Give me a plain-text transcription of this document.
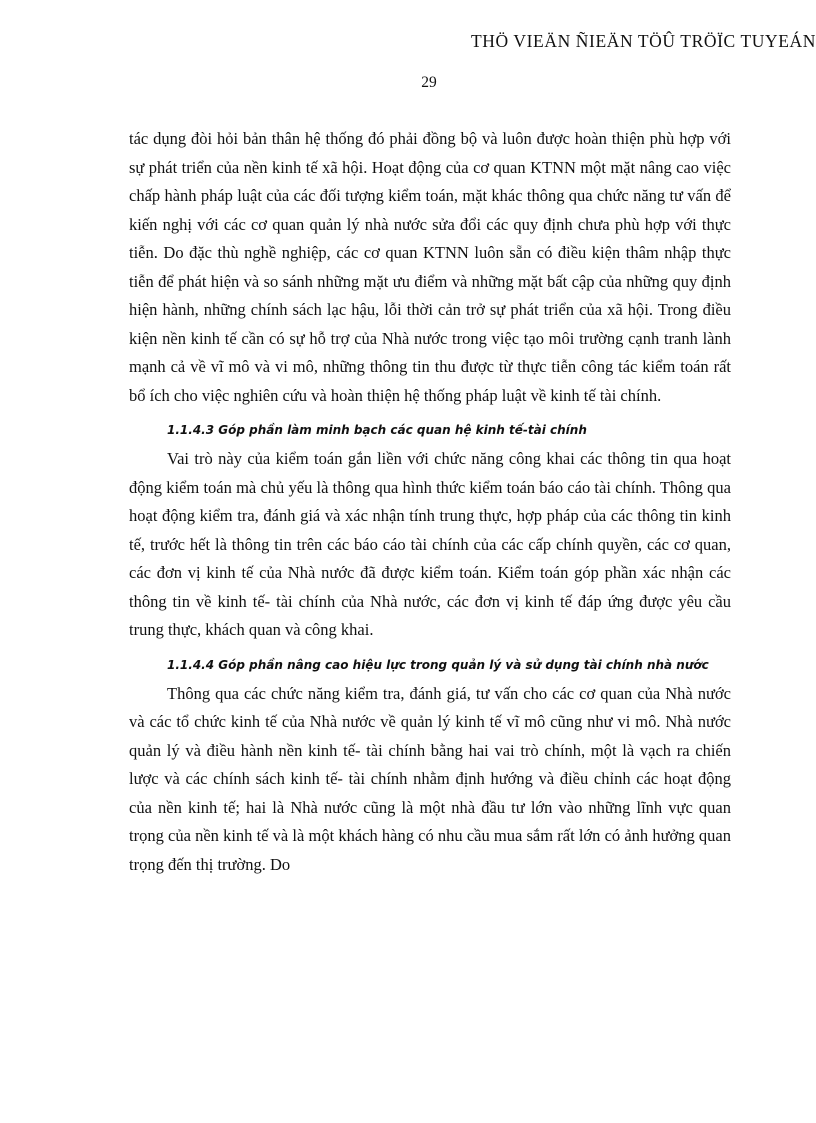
THÖ VIEÄN ÑIEÄN TÖÛ TRÖÏC TUYEÁN
29

tác dụng đòi hỏi bản thân hệ thống đó phải đồng bộ và luôn được hoàn thiện phù hợp với sự phát triển của nền kinh tế xã hội. Hoạt động của cơ quan KTNN một mặt nâng cao việc chấp hành pháp luật của các đối tượng kiểm toán, mặt khác thông qua chức năng tư vấn để kiến nghị với các cơ quan quản lý nhà nước sửa đổi các quy định chưa phù hợp với thực tiễn. Do đặc thù nghề nghiệp, các cơ quan KTNN luôn sẵn có điều kiện thâm nhập thực tiễn để phát hiện và so sánh những mặt ưu điểm và những mặt bất cập của những quy định hiện hành, những chính sách lạc hậu, lỗi thời cản trở sự phát triển của xã hội. Trong điều kiện nền kinh tế cần có sự hỗ trợ của Nhà nước trong việc tạo môi trường cạnh tranh lành mạnh cả về vĩ mô và vi mô, những thông tin thu được từ thực tiễn công tác kiểm toán rất bổ ích cho việc nghiên cứu và hoàn thiện hệ thống pháp luật về kinh tế tài chính.

1.1.4.3 Góp phần làm minh bạch các quan hệ kinh tế-tài chính

Vai trò này của kiểm toán gắn liền với chức năng công khai các thông tin qua hoạt động kiểm toán mà chủ yếu là thông qua hình thức kiểm toán báo cáo tài chính. Thông qua hoạt động kiểm tra, đánh giá và xác nhận tính trung thực, hợp pháp của các thông tin kinh tế, trước hết là thông tin trên các báo cáo tài chính của các cấp chính quyền, các cơ quan, các đơn vị kinh tế của Nhà nước đã được kiểm toán. Kiểm toán góp phần xác nhận các thông tin về kinh tế- tài chính của Nhà nước, các đơn vị kinh tế đáp ứng được yêu cầu trung thực, khách quan và công khai.

1.1.4.4 Góp phần nâng cao hiệu lực trong quản lý và sử dụng tài chính nhà nước

Thông qua các chức năng kiểm tra, đánh giá, tư vấn cho các cơ quan của Nhà nước và các tổ chức kinh tế của Nhà nước về quản lý kinh tế vĩ mô cũng như vi mô. Nhà nước quản lý và điều hành nền kinh tế- tài chính bằng hai vai trò chính, một là vạch ra chiến lược và các chính sách kinh tế- tài chính nhằm định hướng và điều chỉnh các hoạt động của nền kinh tế; hai là Nhà nước cũng là một nhà đầu tư lớn vào những lĩnh vực quan trọng của nền kinh tế và là một khách hàng có nhu cầu mua sắm rất lớn có ảnh hưởng quan trọng đến thị trường. Do
